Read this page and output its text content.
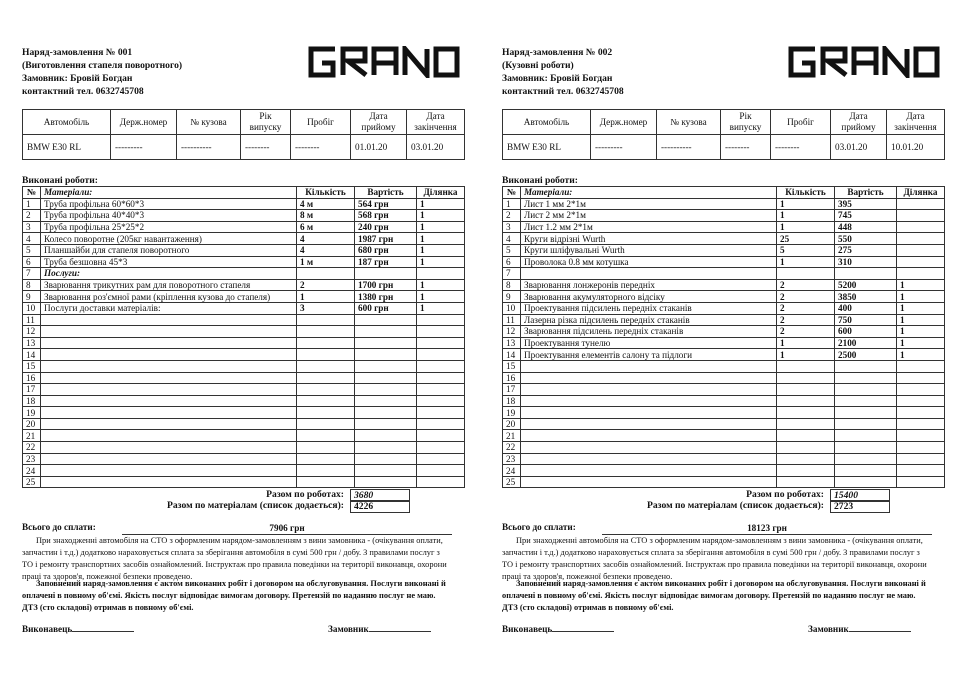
Наряд-замовлення № 001
(Виготовлення стапеля поворотного)
Замовник: Бровій Богдан
контактний тел. 0632745708
Автомобіль	Держ.номер	№ кузова	Рік випуску	Пробіг	Дата прийому	Дата закінчення
BMW E30 RL	---------	----------	--------	--------	01.01.20	03.01.20
Виконані роботи:
№	Матеріали:	Кількість	Вартість	Ділянка
1	Труба профільна 60*60*3	4 м	564 грн	1
2	Труба профільна 40*40*3	8 м	568 грн	1
3	Труба профільна 25*25*2	6 м	240 грн	1
4	Колесо поворотне (205кг навантаження)	4	1987 грн	1
5	Планшайби для стапеля поворотного	4	680 грн	1
6	Труба безшовна 45*3	1 м	187 грн	1
7	Послуги:			
8	Зварювання трикутних рам для поворотного стапеля	2	1700 грн	1
9	Зварювання роз'ємної рами (кріплення кузова до стапеля)	1	1380 грн	1
10	Послуги доставки матеріалів:	3	600 грн	1
11				
12				
13				
14				
15				
16				
17				
18				
19				
20				
21				
22				
23				
24				
25				
Разом по роботах:	3680
Разом по матеріалам (список додається):	4226
Всього до сплати:	7906 грн
При знаходженні автомобіля на СТО з оформленим нарядом-замовленням з вини замовника - (очікування оплати, запчастин і т.д.) додатково нараховується сплата за зберігання автомобіля в сумі 500 грн / добу. З правилами послуг з ТО і ремонту транспортних засобів ознайомлений. Інструктаж про правила поведінки на території виконавця, охорони праці та здоров'я, пожежної безпеки проведено.
Заповнений наряд-замовлення є актом виконаних робіт і договором на обслуговування. Послуги виконані й оплачені в повному об'ємі. Якість послуг відповідає вимогам договору. Претензій по наданню послуг не маю. ДТЗ (сто складові) отримав в повному об'ємі.
Виконавець	Замовник
Наряд-замовлення № 002
(Кузовні роботи)
Замовник: Бровій Богдан
контактний тел. 0632745708
Автомобіль	Держ.номер	№ кузова	Рік випуску	Пробіг	Дата прийому	Дата закінчення
BMW E30 RL	---------	----------	--------	--------	03.01.20	10.01.20
Виконані роботи:
№	Матеріали:	Кількість	Вартість	Ділянка
1	Лист 1 мм 2*1м	1	395	
2	Лист 2 мм 2*1м	1	745	
3	Лист 1.2 мм 2*1м	1	448	
4	Круги відрізні Wurth	25	550	
5	Круги шліфувальні Wurth	5	275	
6	Проволока 0.8 мм котушка	1	310	
7				
8	Зварювання лонжеронів передніх	2	5200	1
9	Зварювання акумуляторного відсіку	2	3850	1
10	Проектування підсилень передніх стаканів	2	400	1
11	Лазерна різка підсилень передніх стаканів	2	750	1
12	Зварювання підсилень передніх стаканів	2	600	1
13	Проектування тунелю	1	2100	1
14	Проектування елементів салону та підлоги	1	2500	1
15				
16				
17				
18				
19				
20				
21				
22				
23				
24				
25				
Разом по роботах:	15400
Разом по матеріалам (список додається):	2723
Всього до сплати:	18123 грн
При знаходженні автомобіля на СТО з оформленим нарядом-замовленням з вини замовника - (очікування оплати, запчастин і т.д.) додатково нараховується сплата за зберігання автомобіля в сумі 500 грн / добу. З правилами послуг з ТО і ремонту транспортних засобів ознайомлений. Інструктаж про правила поведінки на території виконавця, охорони праці та здоров'я, пожежної безпеки проведено.
Заповнений наряд-замовлення є актом виконаних робіт і договором на обслуговування. Послуги виконані й оплачені в повному об'ємі. Якість послуг відповідає вимогам договору. Претензій по наданню послуг не маю. ДТЗ (сто складові) отримав в повному об'ємі.
Виконавець	Замовник
